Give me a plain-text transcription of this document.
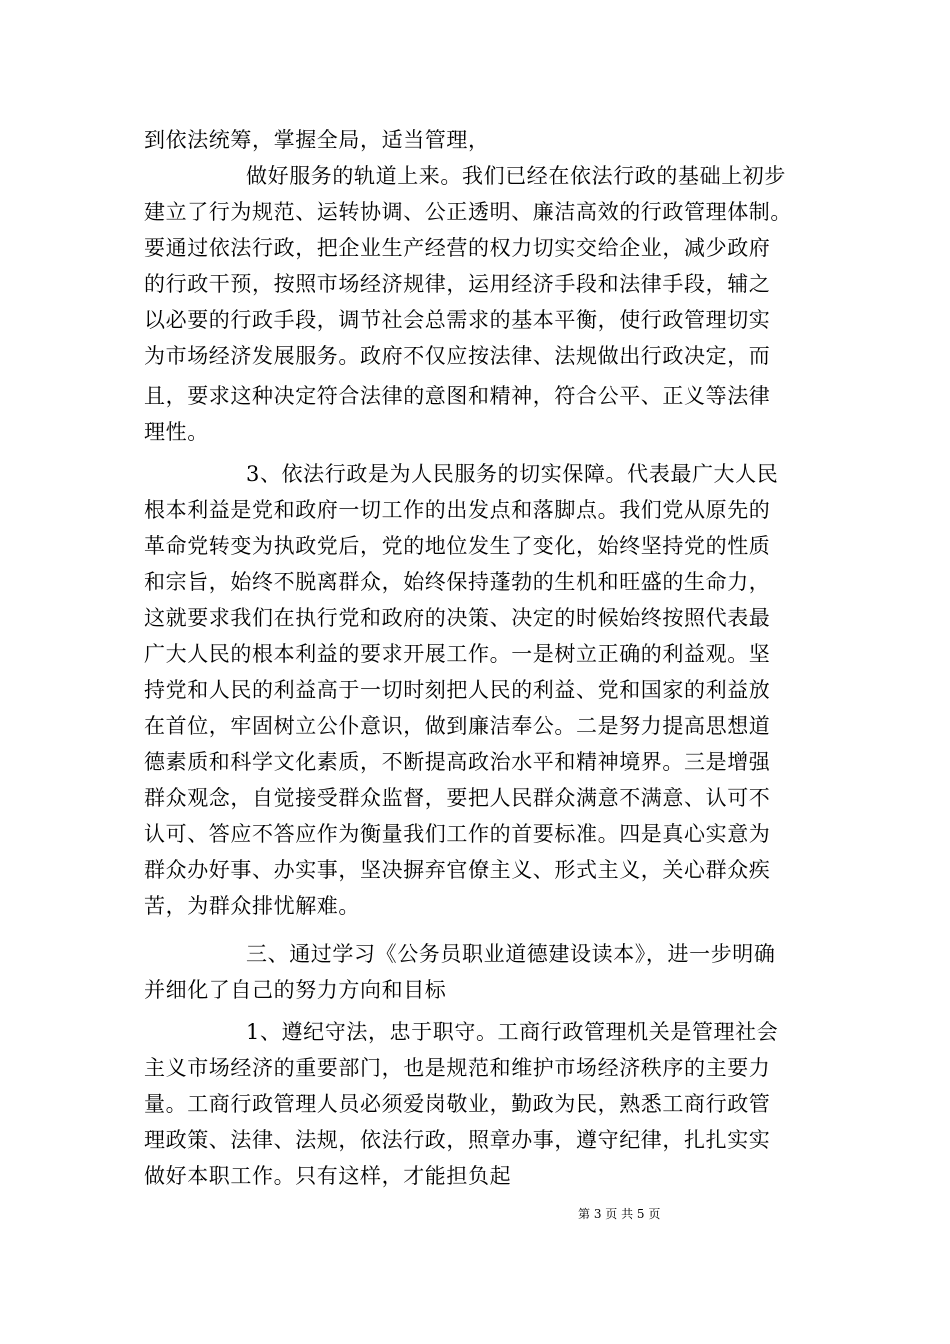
到依法统筹，掌握全局，适当管理，
做好服务的轨道上来。我们已经在依法行政的基础上初步
建立了行为规范、运转协调、公正透明、廉洁高效的行政管理体制。
要通过依法行政，把企业生产经营的权力切实交给企业，减少政府
的行政干预，按照市场经济规律，运用经济手段和法律手段，辅之
以必要的行政手段，调节社会总需求的基本平衡，使行政管理切实
为市场经济发展服务。政府不仅应按法律、法规做出行政决定，而
且，要求这种决定符合法律的意图和精神，符合公平、正义等法律
理性。
3、依法行政是为人民服务的切实保障。代表最广大人民
根本利益是党和政府一切工作的出发点和落脚点。我们党从原先的
革命党转变为执政党后，党的地位发生了变化，始终坚持党的性质
和宗旨，始终不脱离群众，始终保持蓬勃的生机和旺盛的生命力，
这就要求我们在执行党和政府的决策、决定的时候始终按照代表最
广大人民的根本利益的要求开展工作。一是树立正确的利益观。坚
持党和人民的利益高于一切时刻把人民的利益、党和国家的利益放
在首位，牢固树立公仆意识，做到廉洁奉公。二是努力提高思想道
德素质和科学文化素质，不断提高政治水平和精神境界。三是增强
群众观念，自觉接受群众监督，要把人民群众满意不满意、认可不
认可、答应不答应作为衡量我们工作的首要标准。四是真心实意为
群众办好事、办实事，坚决摒弃官僚主义、形式主义，关心群众疾
苦，为群众排忧解难。
三、通过学习《公务员职业道德建设读本》，进一步明确
并细化了自己的努力方向和目标
1、遵纪守法，忠于职守。工商行政管理机关是管理社会
主义市场经济的重要部门，也是规范和维护市场经济秩序的主要力
量。工商行政管理人员必须爱岗敬业，勤政为民，熟悉工商行政管
理政策、法律、法规，依法行政，照章办事，遵守纪律，扎扎实实
做好本职工作。只有这样，才能担负起
第 3 页 共 5 页
